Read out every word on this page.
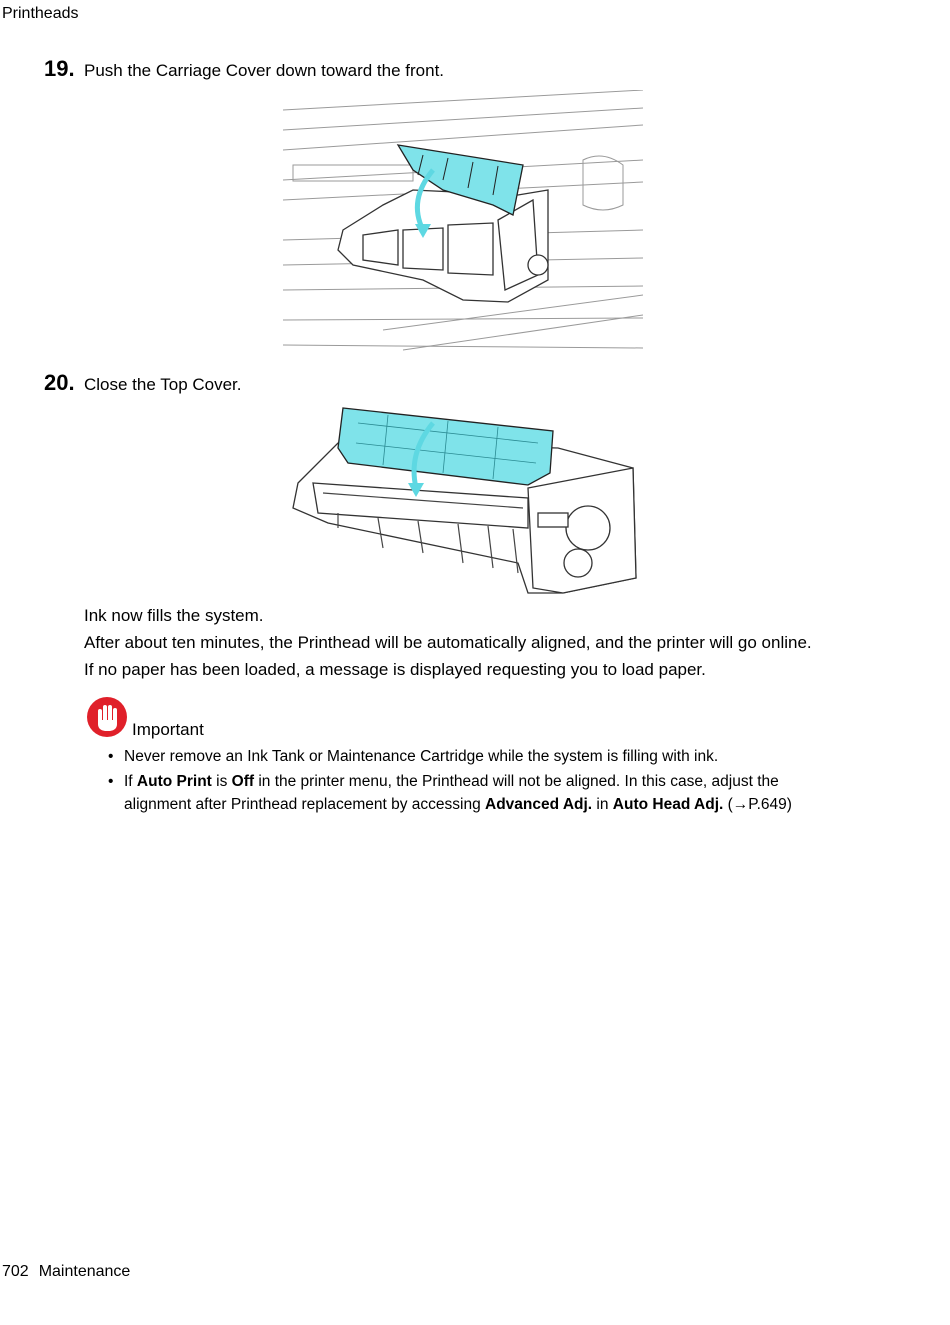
Printheads
19. Push the Carriage Cover down toward the front.
20. Close the Top Cover.
Ink now fills the system.
After about ten minutes, the Printhead will be automatically aligned, and the printer will go online.
If no paper has been loaded, a message is displayed requesting you to load paper.
Important
• Never remove an Ink Tank or Maintenance Cartridge while the system is filling with ink.
• If Auto Print is Off in the printer menu, the Printhead will not be aligned. In this case, adjust the alignment after Printhead replacement by accessing Advanced Adj. in Auto Head Adj. (→P.649)
702 Maintenance
